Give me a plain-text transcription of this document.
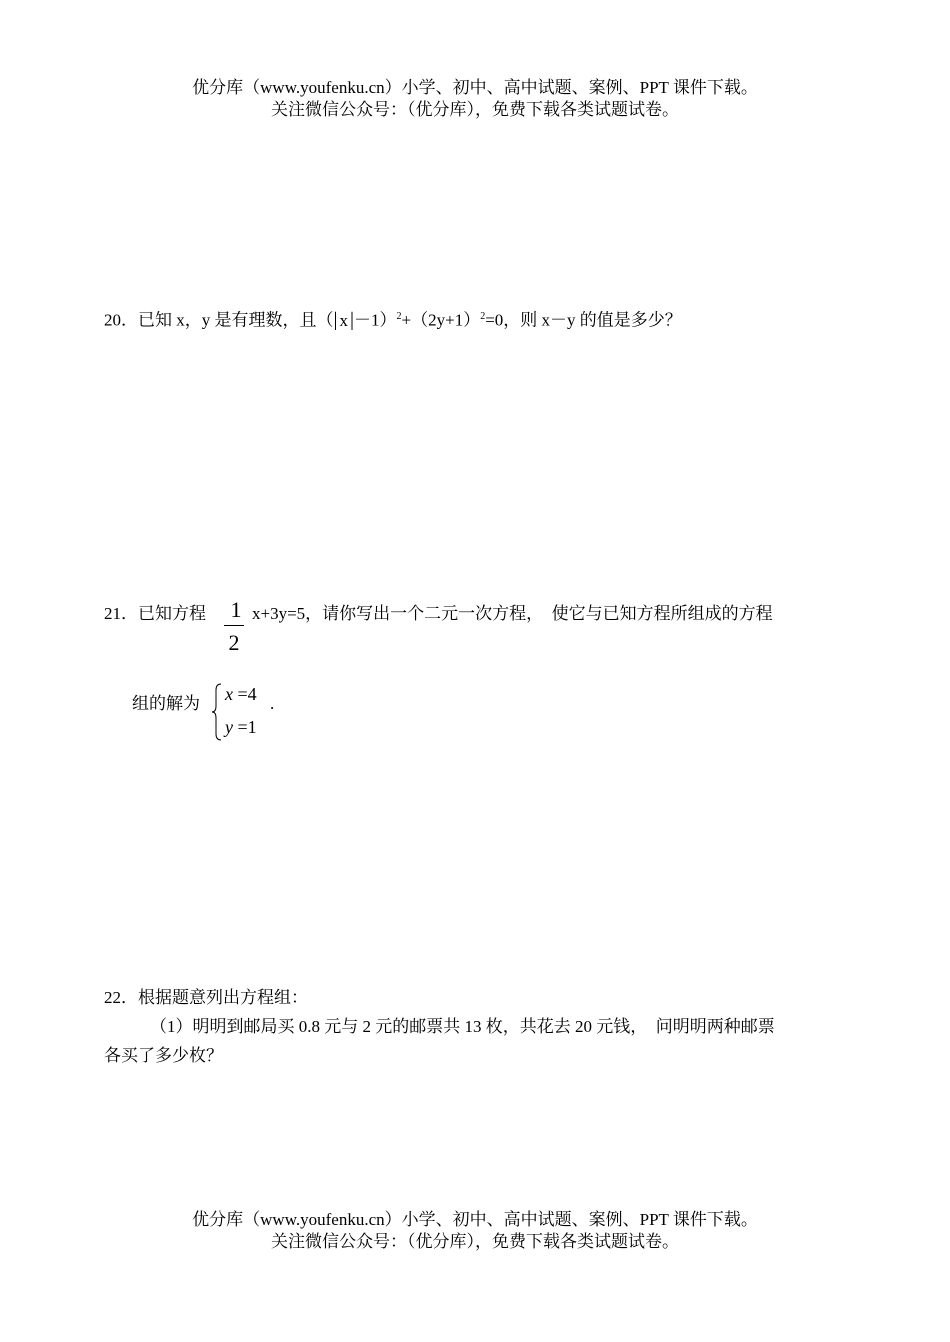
优分库（www.youfenku.cn）小学、初中、高中试题、案例、PPT 课件下载。
关注微信公众号：（优分库），免费下载各类试题试卷。
20．已知 x，y 是有理数，且（| x $|-1)^2+(2y+1)^2=0$，则 x－y 的值是多少？
21．已知方程 1
2
x+3y=5，请你写出一个二元一次方程，　使它与已知方程所组成的方程
组的解为 x =4
y =1
.
22．根据题意列出方程组：
（1）明明到邮局买 0.8 元与 2 元的邮票共 13 枚，共花去 20 元钱，　问明明两种邮票
各买了多少枚？
优分库（www.youfenku.cn）小学、初中、高中试题、案例、PPT 课件下载。
关注微信公众号：（优分库），免费下载各类试题试卷。
